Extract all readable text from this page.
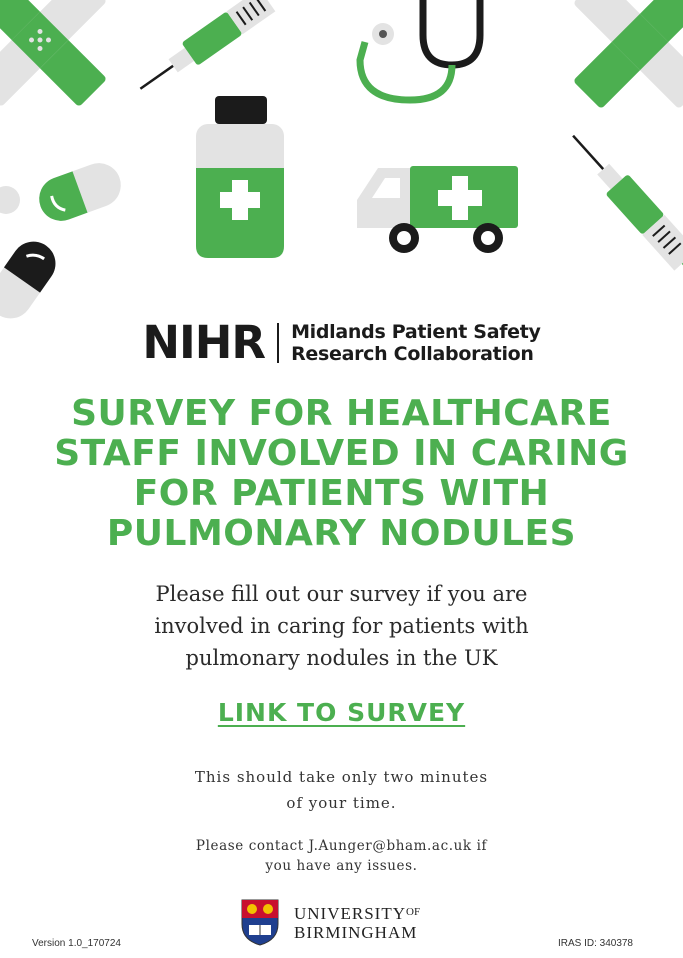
NIHR Midlands Patient Safety
Research Collaboration
SURVEY FOR HEALTHCARE
STAFF INVOLVED IN CARING
FOR PATIENTS WITH
PULMONARY NODULES
Please fill out our survey if you are
involved in caring for patients with
pulmonary nodules in the UK
LINK TO SURVEY
This should take only two minutes
of your time.
Please contact J.Aunger@bham.ac.uk if
you have any issues.
$UNIVERSITY^{OF}$
BIRMINGHAM
Version 1.0_170724	IRAS ID: 340378
